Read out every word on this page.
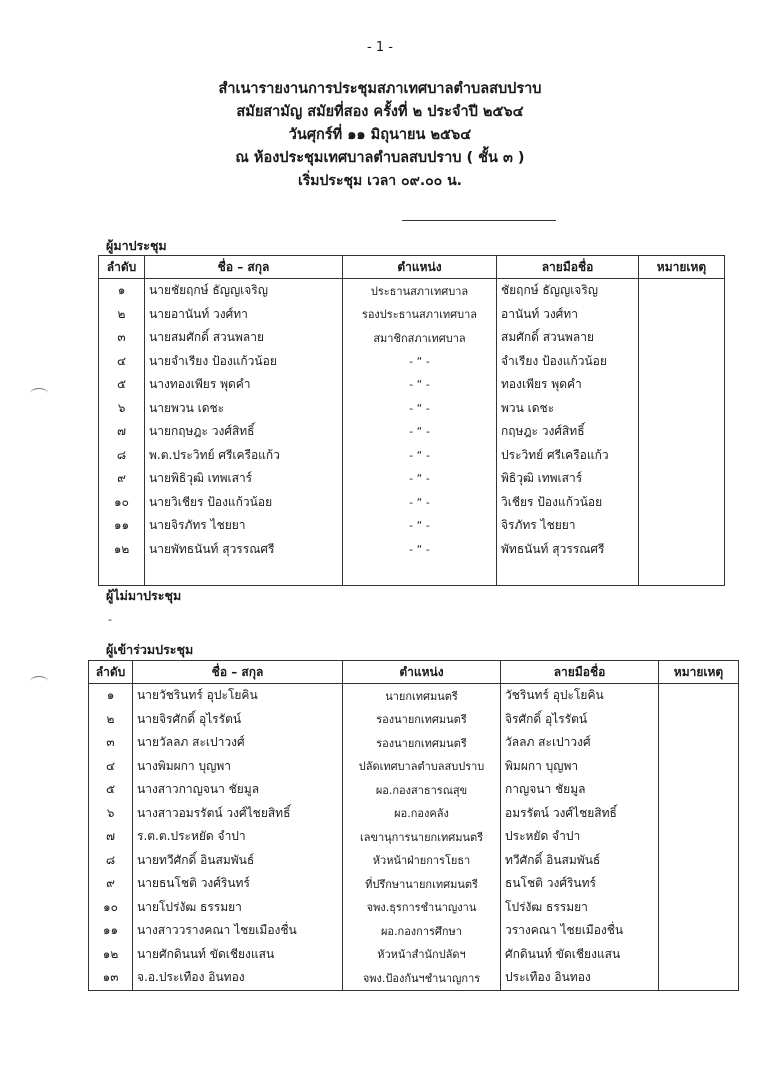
- 1 -
สำเนารายงานการประชุมสภาเทศบาลตำบลสบปราบ
สมัยสามัญ สมัยที่สอง ครั้งที่ ๒ ประจำปี ๒๕๖๔
วันศุกร์ที่ ๑๑ มิถุนายน ๒๕๖๔
ณ ห้องประชุมเทศบาลตำบลสบปราบ ( ชั้น ๓ )
เริ่มประชุม เวลา ๐๙.๐๐ น.
ผู้มาประชุม
ลำดับ	ชื่อ – สกุล	ตำแหน่ง	ลายมือชื่อ	หมายเหตุ
๑	นายชัยฤกษ์ ธัญญเจริญ	ประธานสภาเทศบาล	ชัยฤกษ์ ธัญญเจริญ	
๒	นายอานันท์ วงศ์ทา	รองประธานสภาเทศบาล	อานันท์ วงศ์ทา	
๓	นายสมศักดิ์ สวนพลาย	สมาชิกสภาเทศบาล	สมศักดิ์ สวนพลาย	
๔	นายจำเรียง ป้องแก้วน้อย	- “ -	จำเรียง ป้องแก้วน้อย	
๕	นางทองเพียร พุดคำ	- “ -	ทองเพียร พุดคำ	
๖	นายพวน เดชะ	- “ -	พวน เดชะ	
๗	นายกฤษฎะ วงศ์สิทธิ์	- “ -	กฤษฎะ วงศ์สิทธิ์	
๘	พ.ต.ประวิทย์ ศรีเครือแก้ว	- “ -	ประวิทย์ ศรีเครือแก้ว	
๙	นายพิธิวุฒิ เทพเสาร์	- “ -	พิธิวุฒิ เทพเสาร์	
๑๐	นายวิเชียร ป้องแก้วน้อย	- “ -	วิเชียร ป้องแก้วน้อย	
๑๑	นายจิรภัทร ไชยยา	- “ -	จิรภัทร ไชยยา	
๑๒	นายพัทธนันท์ สุวรรณศรี	- “ -	พัทธนันท์ สุวรรณศรี	

ผู้ไม่มาประชุม
-
ผู้เข้าร่วมประชุม
ลำดับ	ชื่อ – สกุล	ตำแหน่ง	ลายมือชื่อ	หมายเหตุ
๑	นายวัชรินทร์ อุปะโยคิน	นายกเทศมนตรี	วัชรินทร์ อุปะโยคิน	
๒	นายจิรศักดิ์ อุไรรัตน์	รองนายกเทศมนตรี	จิรศักดิ์ อุไรรัตน์	
๓	นายวัลลภ สะเปาวงศ์	รองนายกเทศมนตรี	วัลลภ สะเปาวงศ์	
๔	นางพิมผกา บุญพา	ปลัดเทศบาลตำบลสบปราบ	พิมผกา บุญพา	
๕	นางสาวกาญจนา ชัยมูล	ผอ.กองสาธารณสุข	กาญจนา ชัยมูล	
๖	นางสาวอมรรัตน์ วงศ์ไชยสิทธิ์	ผอ.กองคลัง	อมรรัตน์ วงศ์ไชยสิทธิ์	
๗	ร.ต.ต.ประหยัด จำปา	เลขานุการนายกเทศมนตรี	ประหยัด จำปา	
๘	นายทวีศักดิ์ อินสมพันธ์	หัวหน้าฝ่ายการโยธา	ทวีศักดิ์ อินสมพันธ์	
๙	นายธนโชติ วงศ์รินทร์	ที่ปรึกษานายกเทศมนตรี	ธนโชติ วงศ์รินทร์	
๑๐	นายโปร่งัฒ ธรรมยา	จพง.ธุรการชำนาญงาน	โปร่งัฒ ธรรมยา	
๑๑	นางสาววรางคณา ไชยเมืองชื่น	ผอ.กองการศึกษา	วรางคณา ไชยเมืองชื่น	
๑๒	นายศักดินนท์ ขัดเชียงแสน	หัวหน้าสำนักปลัดฯ	ศักดินนท์ ขัดเชียงแสน	
๑๓	จ.อ.ประเทือง อินทอง	จพง.ป้องกันฯชำนาญการ	ประเทือง อินทอง	
